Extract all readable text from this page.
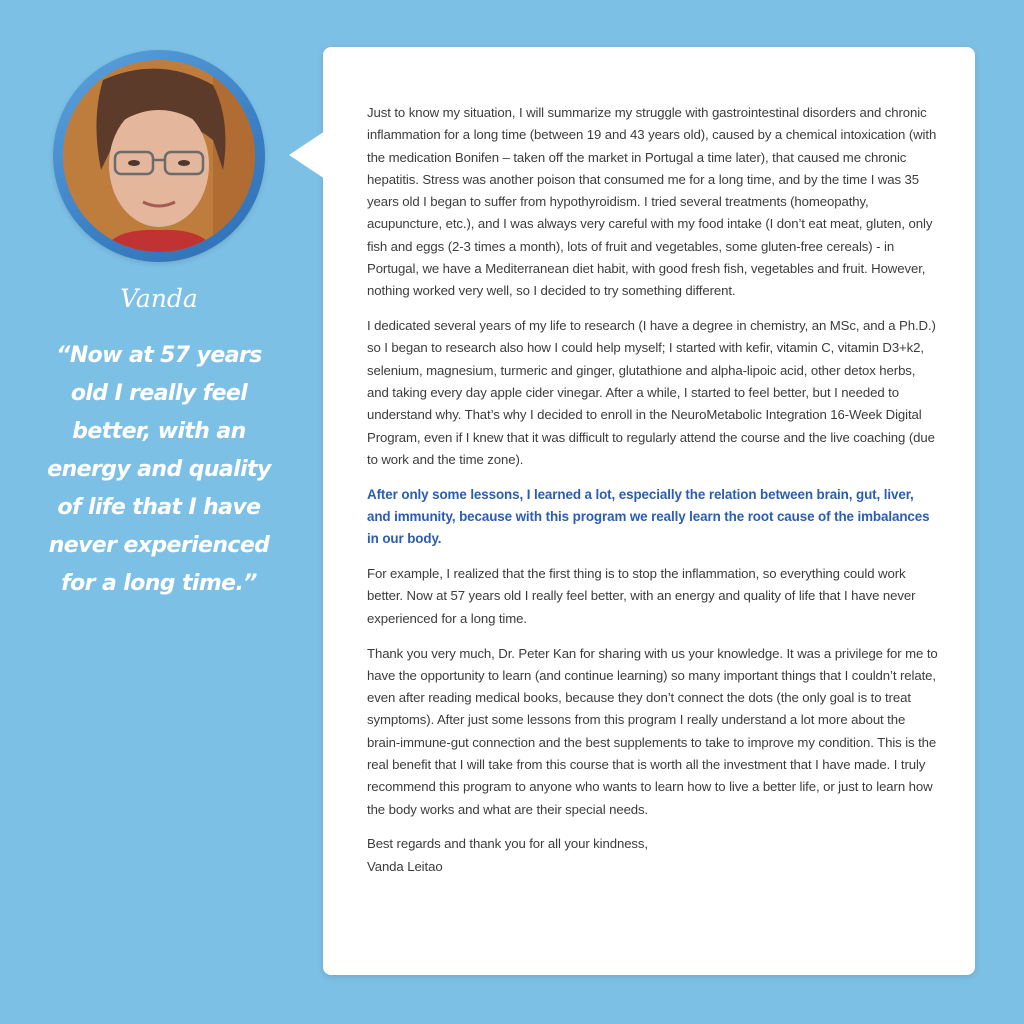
Vanda
“Now at 57 years old I really feel better, with an energy and quality of life that I have never experienced for a long time.”

Just to know my situation, I will summarize my struggle with gastrointestinal disorders and chronic inflammation for a long time (between 19 and 43 years old), caused by a chemical intoxication (with the medication Bonifen – taken off the market in Portugal a time later), that caused me chronic hepatitis. Stress was another poison that consumed me for a long time, and by the time I was 35 years old I began to suffer from hypothyroidism. I tried several treatments (homeopathy, acupuncture, etc.), and I was always very careful with my food intake (I don’t eat meat, gluten, only fish and eggs (2-3 times a month), lots of fruit and vegetables, some gluten-free cereals) - in Portugal, we have a Mediterranean diet habit, with good fresh fish, vegetables and fruit. However, nothing worked very well, so I decided to try something different.

I dedicated several years of my life to research (I have a degree in chemistry, an MSc, and a Ph.D.) so I began to research also how I could help myself; I started with kefir, vitamin C, vitamin D3+k2, selenium, magnesium, turmeric and ginger, glutathione and alpha-lipoic acid, other detox herbs, and taking every day apple cider vinegar. After a while, I started to feel better, but I needed to understand why. That’s why I decided to enroll in the NeuroMetabolic Integration 16-Week Digital Program, even if I knew that it was difficult to regularly attend the course and the live coaching (due to work and the time zone).

After only some lessons, I learned a lot, especially the relation between brain, gut, liver, and immunity, because with this program we really learn the root cause of the imbalances in our body.

For example, I realized that the first thing is to stop the inflammation, so everything could work better. Now at 57 years old I really feel better, with an energy and quality of life that I have never experienced for a long time.

Thank you very much, Dr. Peter Kan for sharing with us your knowledge. It was a privilege for me to have the opportunity to learn (and continue learning) so many important things that I couldn’t relate, even after reading medical books, because they don’t connect the dots (the only goal is to treat symptoms). After just some lessons from this program I really understand a lot more about the brain-immune-gut connection and the best supplements to take to improve my condition. This is the real benefit that I will take from this course that is worth all the investment that I have made. I truly recommend this program to anyone who wants to learn how to live a better life, or just to learn how the body works and what are their special needs.

Best regards and thank you for all your kindness,

Vanda Leitao
